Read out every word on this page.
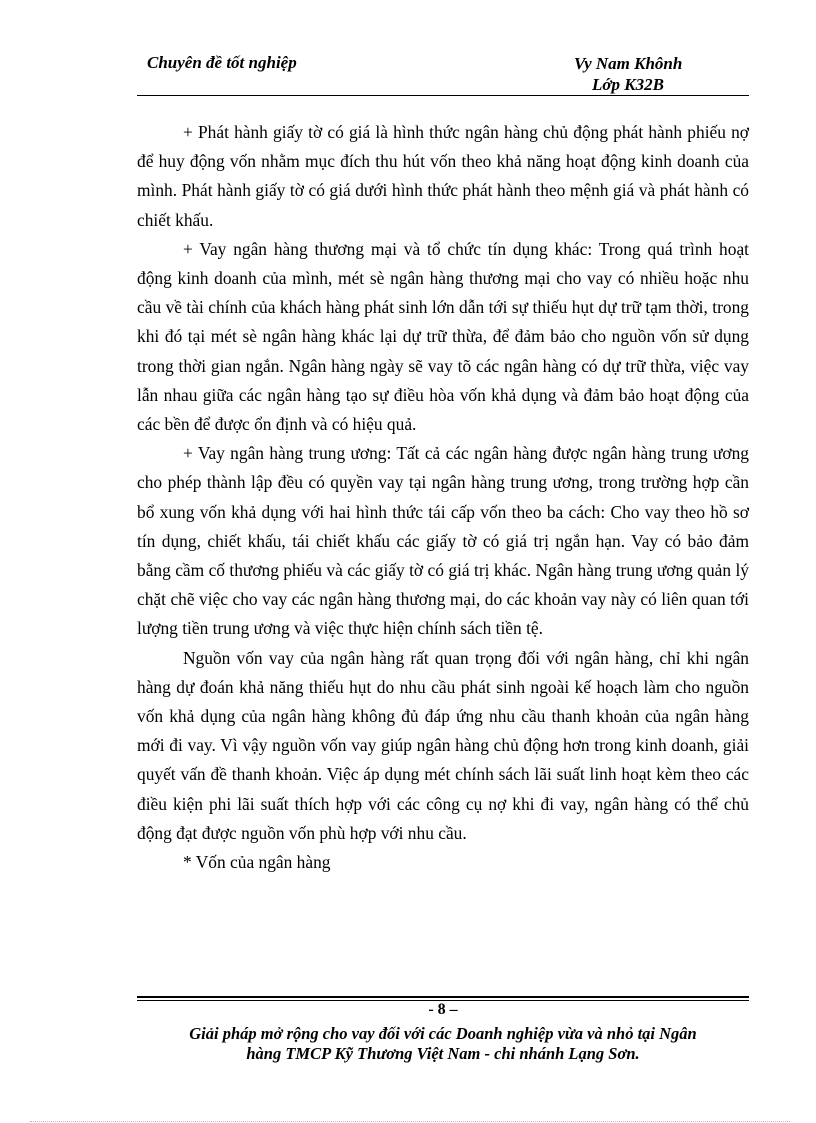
Chuyên đề tốt nghiệp	Vy Nam Khônh
Lớp K32B

+ Phát hành giấy tờ có giá là hình thức ngân hàng chủ động phát hành phiếu nợ để huy động vốn nhằm mục đích thu hút vốn theo khả năng hoạt động kinh doanh của mình. Phát hành giấy tờ có giá dưới hình thức phát hành theo mệnh giá và phát hành có chiết khấu.

+ Vay ngân hàng thương mại và tổ chức tín dụng khác: Trong quá trình hoạt động kinh doanh của mình, mét sè ngân hàng thương mại cho vay có nhiều hoặc nhu cầu về tài chính của khách hàng phát sinh lớn dẫn tới sự thiếu hụt dự trữ tạm thời, trong khi đó tại mét sè ngân hàng khác lại dự trữ thừa, để đảm bảo cho nguồn vốn sử dụng trong thời gian ngắn. Ngân hàng ngày sẽ vay tõ các ngân hàng có dự trữ thừa, việc vay lẫn nhau giữa các ngân hàng tạo sự điều hòa vốn khả dụng và đảm bảo hoạt động của các bền để được ổn định và có hiệu quả.

+ Vay ngân hàng trung ương: Tất cả các ngân hàng được ngân hàng trung ương cho phép thành lập đều có quyền vay tại ngân hàng trung ương, trong trường hợp cần bổ xung vốn khả dụng với hai hình thức tái cấp vốn theo ba cách: Cho vay theo hồ sơ tín dụng, chiết khấu, tái chiết khấu các giấy tờ có giá trị ngắn hạn. Vay có bảo đảm bằng cầm cố thương phiếu và các giấy tờ có giá trị khác. Ngân hàng trung ương quản lý chặt chẽ việc cho vay các ngân hàng thương mại, do các khoản vay này có liên quan tới lượng tiền trung ương và việc thực hiện chính sách tiền tệ.

Nguồn vốn vay của ngân hàng rất quan trọng đối với ngân hàng, chỉ khi ngân hàng dự đoán khả năng thiếu hụt do nhu cầu phát sinh ngoài kế hoạch làm cho nguồn vốn khả dụng của ngân hàng không đủ đáp ứng nhu cầu thanh khoản của ngân hàng mới đi vay. Vì vậy nguồn vốn vay giúp ngân hàng chủ động hơn trong kinh doanh, giải quyết vấn đề thanh khoản. Việc áp dụng mét chính sách lãi suất linh hoạt kèm theo các điều kiện phi lãi suất thích hợp với các công cụ nợ khi đi vay, ngân hàng có thể chủ động đạt được nguồn vốn phù hợp với nhu cầu.

* Vốn của ngân hàng

- 8 –
Giải pháp mở rộng cho vay đối với các Doanh nghiệp vừa và nhỏ tại Ngân
hàng TMCP Kỹ Thương Việt Nam - chi nhánh Lạng Sơn.
